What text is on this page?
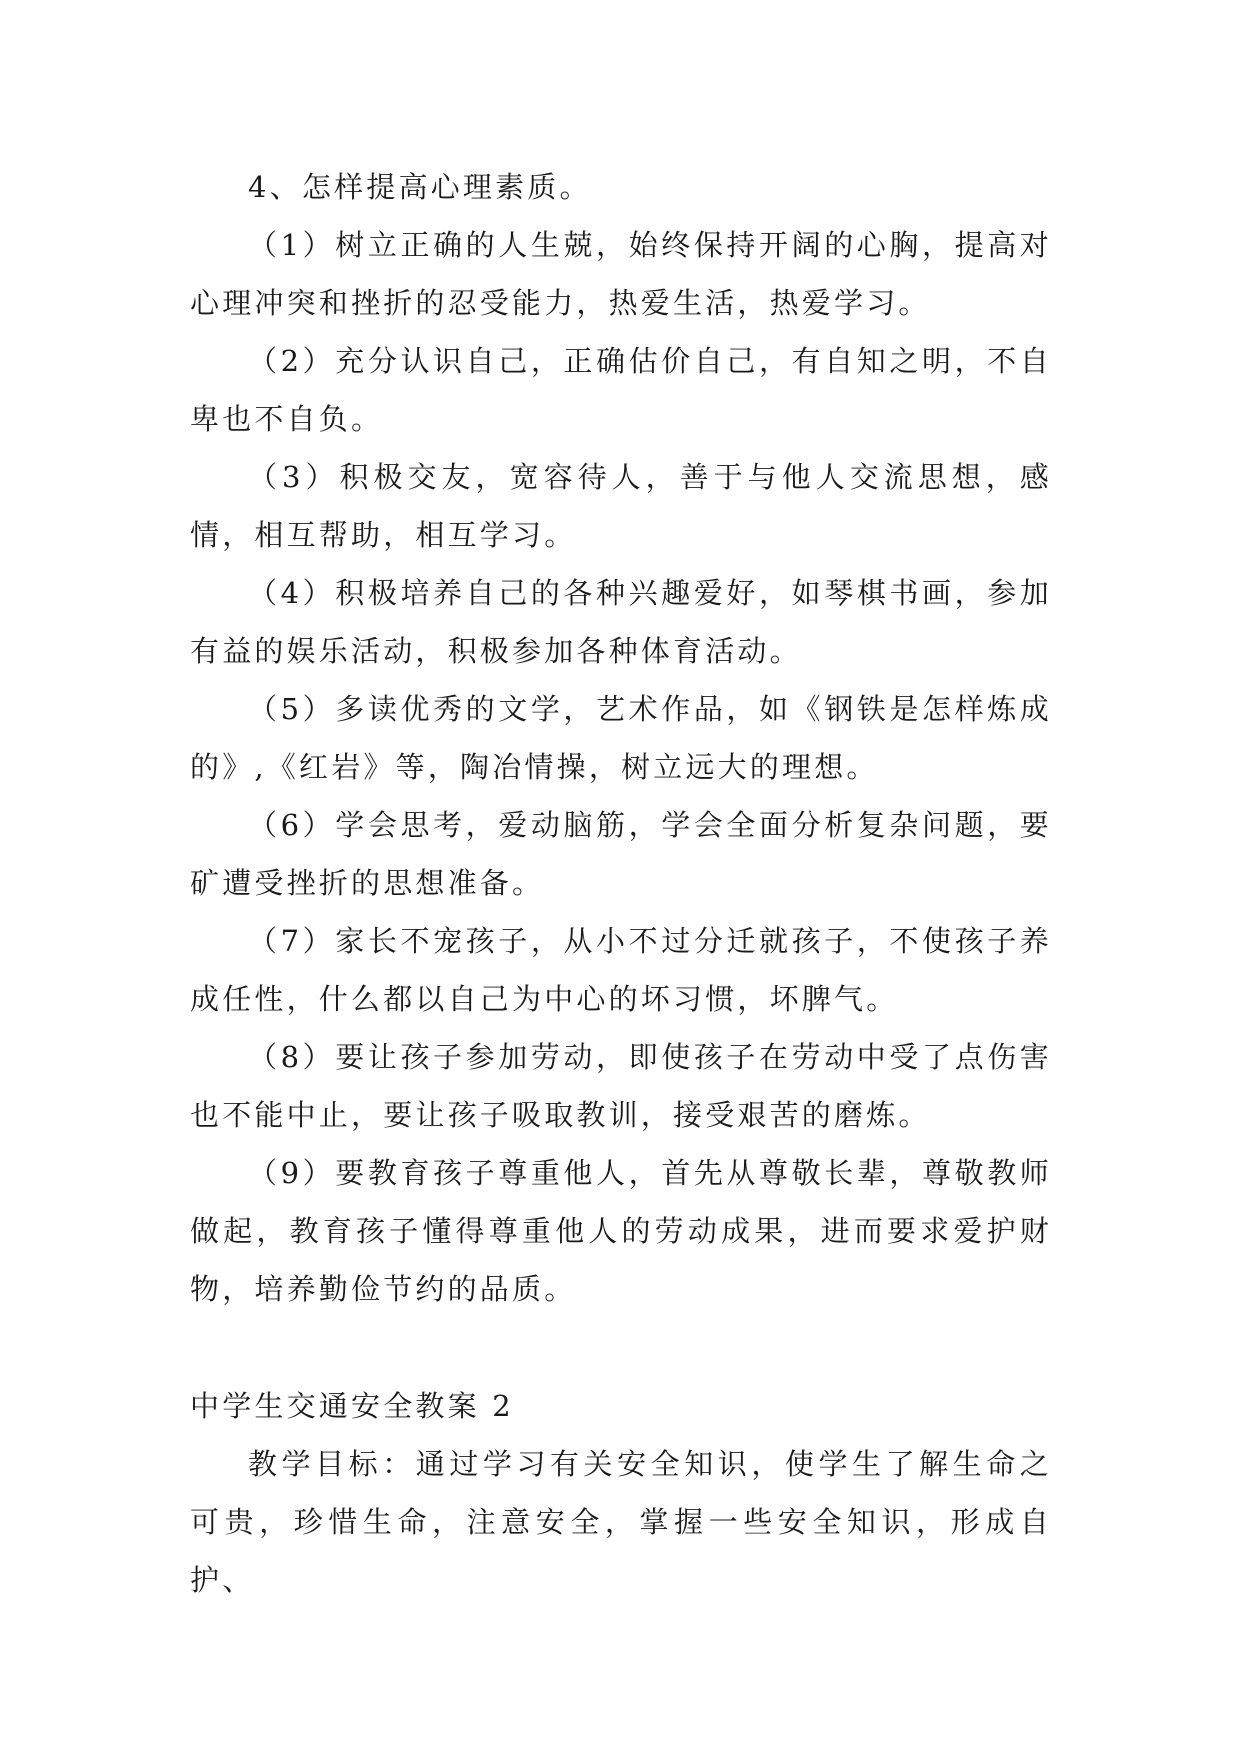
4、怎样提高心理素质。

（1）树立正确的人生兢，始终保持开阔的心胸，提高对心理冲突和挫折的忍受能力，热爱生活，热爱学习。

（2）充分认识自己，正确估价自己，有自知之明，不自卑也不自负。

（3）积极交友，宽容待人，善于与他人交流思想，感情，相互帮助，相互学习。

（4）积极培养自己的各种兴趣爱好，如琴棋书画，参加有益的娱乐活动，积极参加各种体育活动。

（5）多读优秀的文学，艺术作品，如《钢铁是怎样炼成的》,《红岩》等，陶冶情操，树立远大的理想。

（6）学会思考，爱动脑筋，学会全面分析复杂问题，要矿遭受挫折的思想准备。

（7）家长不宠孩子，从小不过分迁就孩子，不使孩子养成任性，什么都以自己为中心的坏习惯，坏脾气。

（8）要让孩子参加劳动，即使孩子在劳动中受了点伤害也不能中止，要让孩子吸取教训，接受艰苦的磨炼。

（9）要教育孩子尊重他人，首先从尊敬长辈，尊敬教师做起，教育孩子懂得尊重他人的劳动成果，进而要求爱护财物，培养勤俭节约的品质。

中学生交通安全教案 2

教学目标：通过学习有关安全知识，使学生了解生命之可贵，珍惜生命，注意安全，掌握一些安全知识，形成自护、
